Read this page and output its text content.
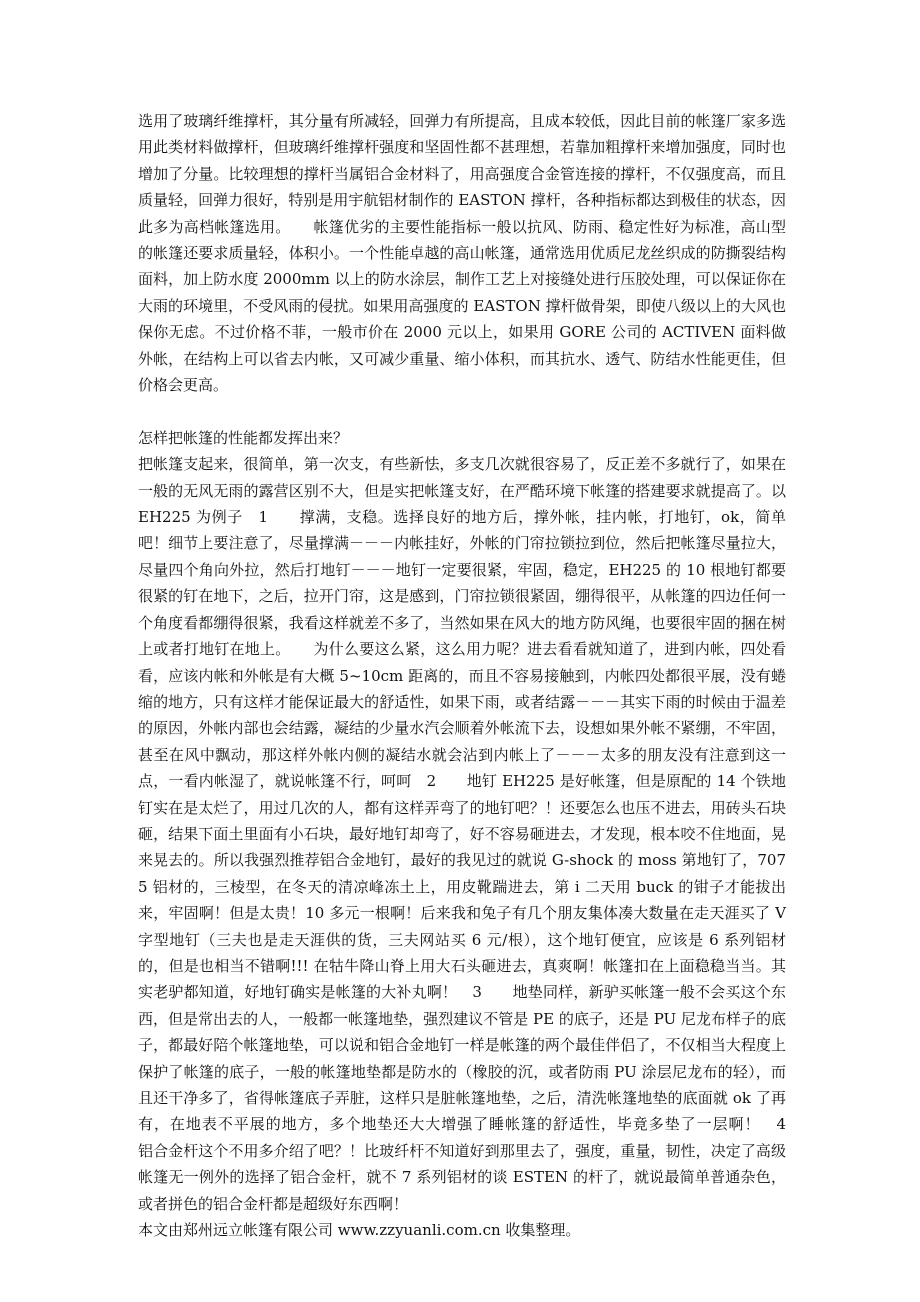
选用了玻璃纤维撑杆，其分量有所减轻，回弹力有所提高，且成本较低，因此目前的帐篷厂家多选用此类材料做撑杆，但玻璃纤维撑杆强度和坚固性都不甚理想，若靠加粗撑杆来增加强度，同时也增加了分量。比较理想的撑杆当属铝合金材料了，用高强度合金管连接的撑杆，不仅强度高，而且质量轻，回弹力很好，特别是用宇航铝材制作的 EASTON 撑杆，各种指标都达到极佳的状态，因此多为高档帐篷选用。　　帐篷优劣的主要性能指标一般以抗风、防雨、稳定性好为标准，高山型的帐篷还要求质量轻，体积小。一个性能卓越的高山帐篷，通常选用优质尼龙丝织成的防撕裂结构面料，加上防水度 2000mm 以上的防水涂层，制作工艺上对接缝处进行压胶处理，可以保证你在大雨的环境里，不受风雨的侵扰。如果用高强度的 EASTON 撑杆做骨架，即使八级以上的大风也保你无虑。不过价格不菲，一般市价在 2000 元以上，如果用 GORE 公司的 ACTIVEN 面料做外帐，在结构上可以省去内帐，又可减少重量、缩小体积，而其抗水、透气、防结水性能更佳，但价格会更高。

怎样把帐篷的性能都发挥出来？

把帐篷支起来，很简单，第一次支，有些新怯，多支几次就很容易了，反正差不多就行了，如果在一般的无风无雨的露营区别不大，但是实把帐篷支好，在严酷环境下帐篷的搭建要求就提高了。以 EH225 为例子　1　　撑满，支稳。选择良好的地方后，撑外帐，挂内帐，打地钉，ok，简单吧！细节上要注意了，尽量撑满－－－内帐挂好，外帐的门帘拉锁拉到位，然后把帐篷尽量拉大，尽量四个角向外拉，然后打地钉－－－地钉一定要很紧，牢固，稳定，EH225 的 10 根地钉都要很紧的钉在地下，之后，拉开门帘，这是感到，门帘拉锁很紧固，绷得很平，从帐篷的四边任何一个角度看都绷得很紧，我看这样就差不多了，当然如果在风大的地方防风绳，也要很牢固的捆在树上或者打地钉在地上。　　为什么要这么紧，这么用力呢？进去看看就知道了，进到内帐，四处看看，应该内帐和外帐是有大概 5~10cm 距离的，而且不容易接触到，内帐四处都很平展，没有蜷缩的地方，只有这样才能保证最大的舒适性，如果下雨，或者结露－－－其实下雨的时候由于温差的原因，外帐内部也会结露，凝结的少量水汽会顺着外帐流下去，设想如果外帐不紧绷，不牢固，甚至在风中飘动，那这样外帐内侧的凝结水就会沾到内帐上了－－－太多的朋友没有注意到这一点，一看内帐湿了，就说帐篷不行，呵呵　2　　地钉 EH225 是好帐篷，但是原配的 14 个铁地钉实在是太烂了，用过几次的人，都有这样弄弯了的地钉吧？！还要怎么也压不进去，用砖头石块砸，结果下面土里面有小石块，最好地钉却弯了，好不容易砸进去，才发现，根本咬不住地面，晃来晃去的。所以我强烈推荐铝合金地钉，最好的我见过的就说 G-shock 的 moss 第地钉了，7075 铝材的，三棱型，在冬天的清凉峰冻土上，用皮靴踹进去，第 i 二天用 buck 的钳子才能拔出来，牢固啊！但是太贵！10 多元一根啊！后来我和兔子有几个朋友集体凑大数量在走天涯买了 V 字型地钉（三夫也是走天涯供的货，三夫网站买 6 元/根），这个地钉便宜，应该是 6 系列铝材的，但是也相当不错啊!!! 在牯牛降山脊上用大石头砸进去，真爽啊！帐篷扣在上面稳稳当当。其实老驴都知道，好地钉确实是帐篷的大补丸啊！　3　　地垫同样，新驴买帐篷一般不会买这个东西，但是常出去的人，一般都一帐篷地垫，强烈建议不管是 PE 的底子，还是 PU 尼龙布样子的底子，都最好陪个帐篷地垫，可以说和铝合金地钉一样是帐篷的两个最佳伴侣了，不仅相当大程度上保护了帐篷的底子，一般的帐篷地垫都是防水的（橡胶的沉，或者防雨 PU 涂层尼龙布的轻），而且还干净多了，省得帐篷底子弄脏，这样只是脏帐篷地垫，之后，清洗帐篷地垫的底面就 ok 了再有，在地表不平展的地方，多个地垫还大大增强了睡帐篷的舒适性，毕竟多垫了一层啊！　4　　铝合金杆这个不用多介绍了吧？！比玻纤杆不知道好到那里去了，强度，重量，韧性，决定了高级帐篷无一例外的选择了铝合金杆，就不 7 系列铝材的谈 ESTEN 的杆了，就说最简单普通杂色，或者拼色的铝合金杆都是超级好东西啊！

本文由郑州远立帐篷有限公司 www.zzyuanli.com.cn 收集整理。
